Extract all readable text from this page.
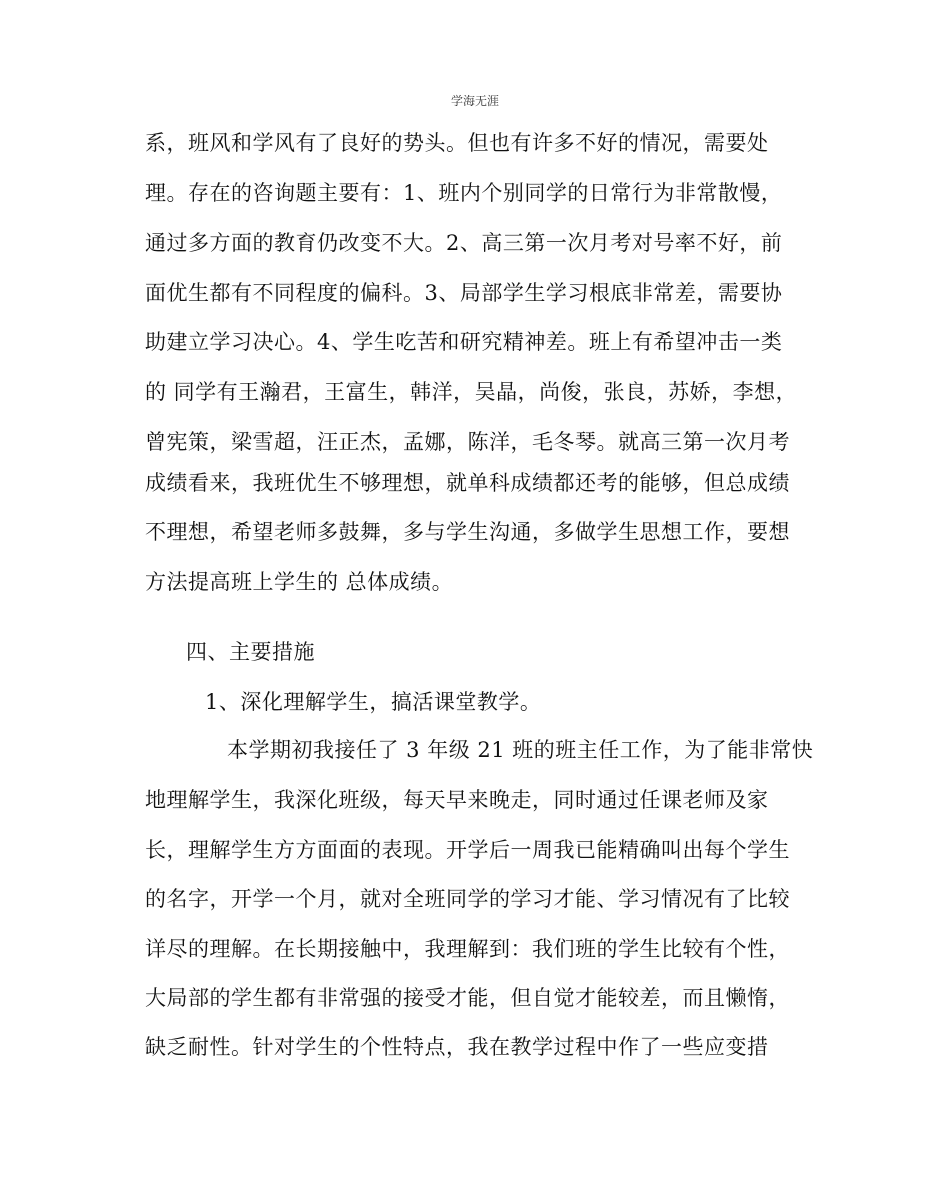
学海无涯
系，班风和学风有了良好的势头。但也有许多不好的情况，需要处
理。存在的咨询题主要有：1、班内个别同学的日常行为非常散慢，
通过多方面的教育仍改变不大。2、高三第一次月考对号率不好，前
面优生都有不同程度的偏科。3、局部学生学习根底非常差，需要协
助建立学习决心。4、学生吃苦和研究精神差。班上有希望冲击一类
的 同学有王瀚君，王富生，韩洋，吴晶，尚俊，张良，苏娇，李想，
曾宪策，梁雪超，汪正杰，孟娜，陈洋，毛冬琴。就高三第一次月考
成绩看来，我班优生不够理想，就单科成绩都还考的能够，但总成绩
不理想，希望老师多鼓舞，多与学生沟通，多做学生思想工作，要想
方法提高班上学生的 总体成绩。
四、主要措施
1、深化理解学生，搞活课堂教学。
本学期初我接任了 3 年级 21 班的班主任工作，为了能非常快
地理解学生，我深化班级，每天早来晚走，同时通过任课老师及家
长，理解学生方方面面的表现。开学后一周我已能精确叫出每个学生
的名字，开学一个月，就对全班同学的学习才能、学习情况有了比较
详尽的理解。在长期接触中，我理解到：我们班的学生比较有个性，
大局部的学生都有非常强的接受才能，但自觉才能较差，而且懒惰，
缺乏耐性。针对学生的个性特点，我在教学过程中作了一些应变措
